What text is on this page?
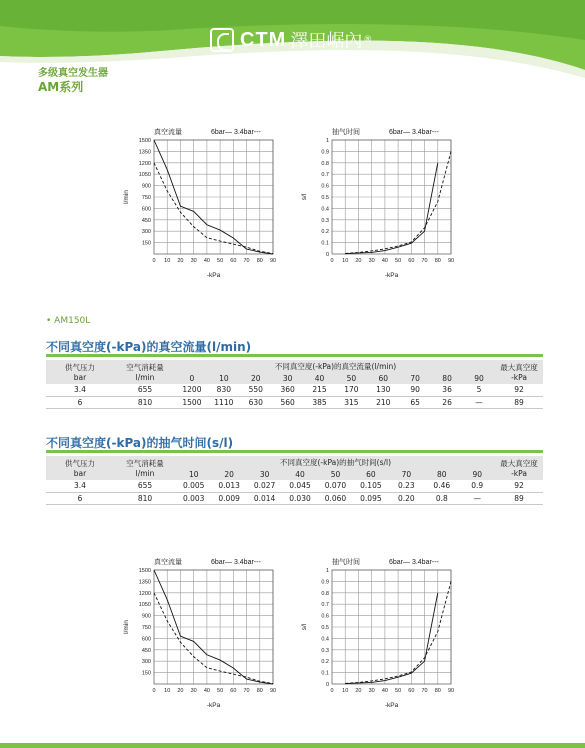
CTM 澤田崌內 ®
多级真空发生器
AM系列
1500
1350
1200
1050
900
750
600
450
300
150
0 10 20 30 40 50 60 70 80 90
真空流量	6bar— 3.4bar---
l/min
-kPa
1
0.9
0.8
0.7
0.6
0.5
0.4
0.3
0.2
0.1
0
0 10 20 30 40 50 60 70 80 90
抽气时间	6bar— 3.4bar---
s/l
-kPa
• AM150L
不同真空度(-kPa)的真空流量(l/min)
供气压力
bar	空气消耗量
l/min	不同真空度(-kPa)的真空流量(l/min)										最大真空度
-kPa
		0	10	20	30	40	50	60	70	80	90	
3.4	655	1200	830	550	360	215	170	130	90	36	5	92
6	810	1500	1110	630	560	385	315	210	65	26	—	89
不同真空度(-kPa)的抽气时间(s/l)
供气压力
bar	空气消耗量
l/min	不同真空度(-kPa)的抽气时间(s/l)									最大真空度
-kPa
		10	20	30	40	50	60	70	80	90	
3.4	655	0.005	0.013	0.027	0.045	0.070	0.105	0.23	0.46	0.9	92
6	810	0.003	0.009	0.014	0.030	0.060	0.095	0.20	0.8	—	89
1500
1350
1200
1050
900
750
600
450
300
150
0 10 20 30 40 50 60 70 80 90
真空流量	6bar— 3.4bar---
l/min
-kPa
1
0.9
0.8
0.7
0.6
0.5
0.4
0.3
0.2
0.1
0
0 10 20 30 40 50 60 70 80 90
抽气时间	6bar— 3.4bar---
s/l
-kPa
